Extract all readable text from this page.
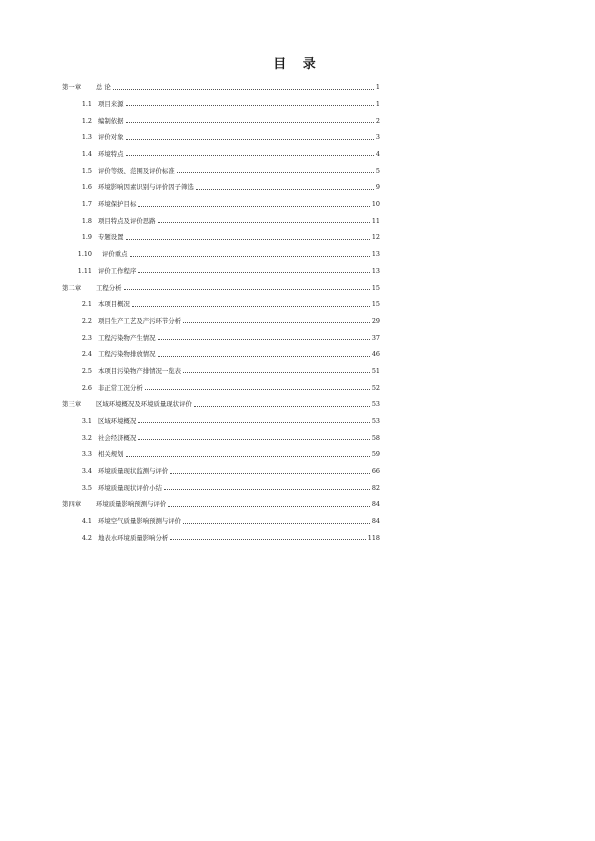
目 录
第一章	总 论	1
1.1 项目来源	1
1.2 编制依据	2
1.3 评价对象	3
1.4 环境特点	4
1.5 评价等级、范围及评价标准	5
1.6 环境影响因素识别与评价因子筛选	9
1.7 环境保护目标	10
1.8 项目特点及评价思路	11
1.9 专题设置	12
1.10	评价重点	13
1.11 评价工作程序	13
第二章	工程分析	15
2.1 本项目概况	15
2.2 项目生产工艺及产污环节分析	29
2.3 工程污染物产生情况	37
2.4 工程污染物排放情况	46
2.5 本项目污染物产排情况一览表	51
2.6 非正常工况分析	52
第三章	区域环境概况及环境质量现状评价	53
3.1 区域环境概况	53
3.2 社会经济概况	58
3.3 相关规划	59
3.4 环境质量现状监测与评价	66
3.5 环境质量现状评价小结	82
第四章	环境质量影响预测与评价	84
4.1 环境空气质量影响预测与评价	84
4.2 地表水环境质量影响分析	118
